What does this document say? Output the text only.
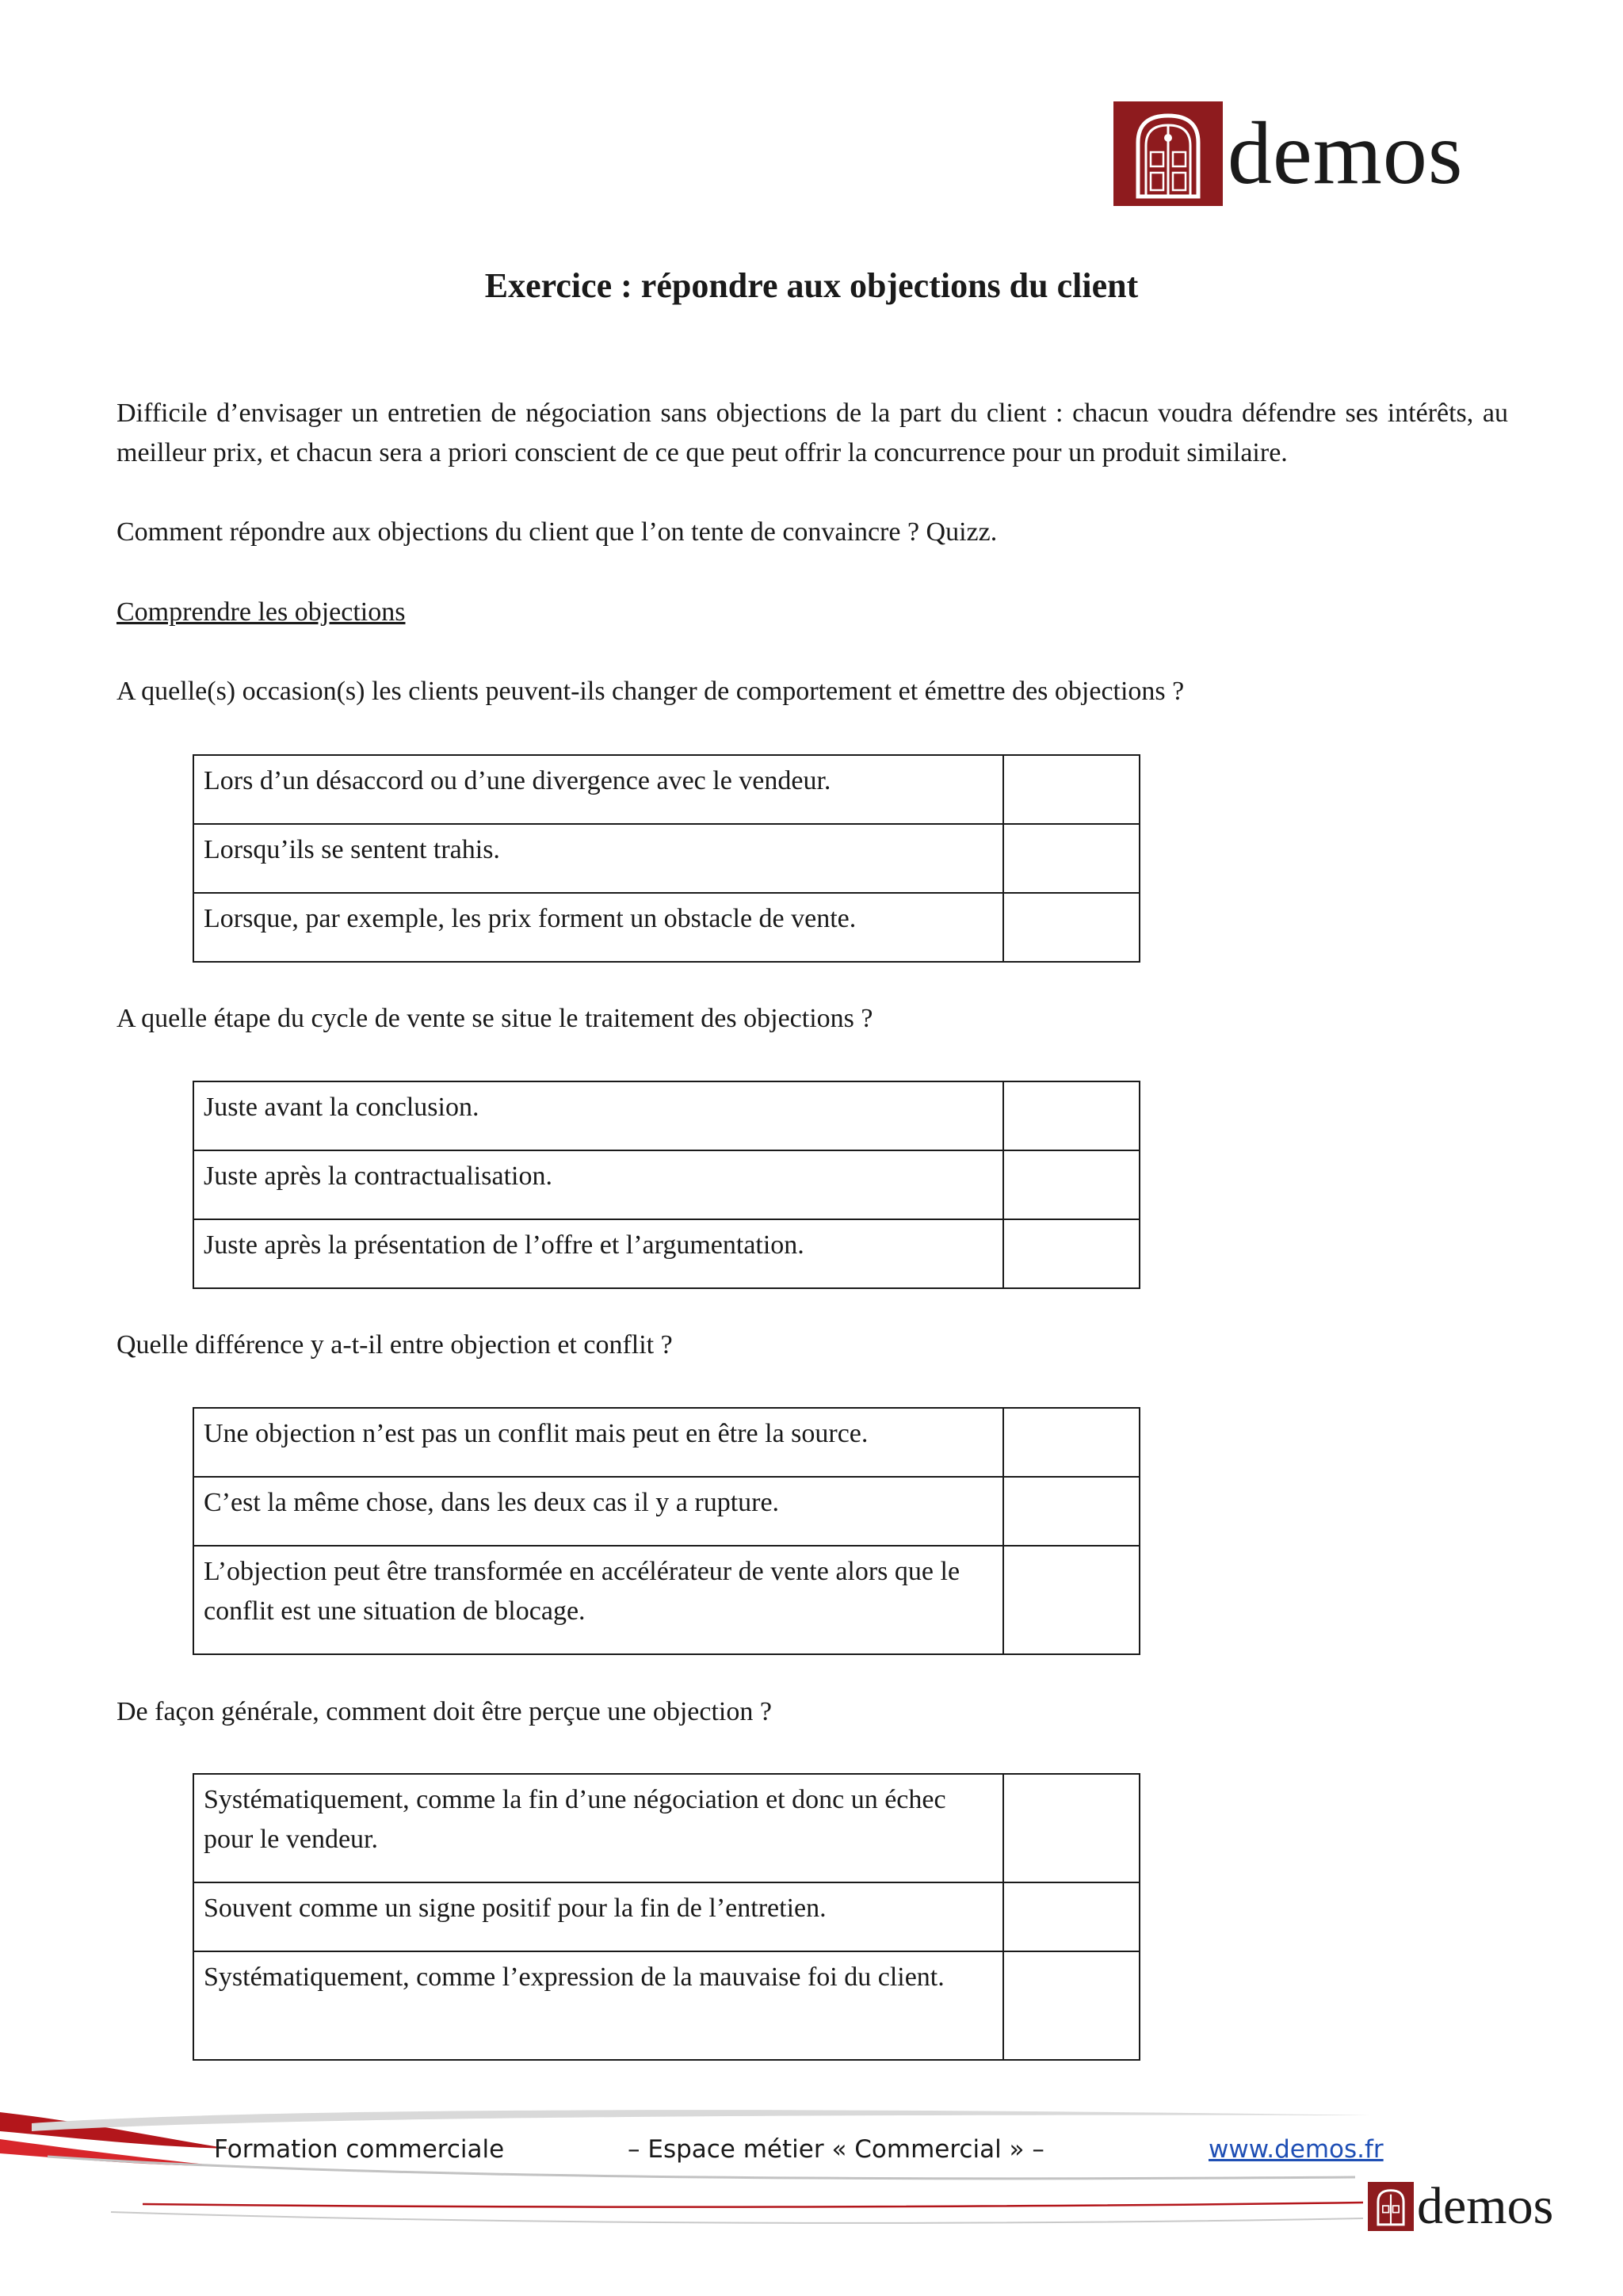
demos
Exercice : répondre aux objections du client

Difficile d’envisager un entretien de négociation sans objections de la part du client : chacun voudra défendre ses intérêts, au meilleur prix, et chacun sera a priori conscient de ce que peut offrir la concurrence pour un produit similaire.

Comment répondre aux objections du client que l’on tente de convaincre ? Quizz.
Comprendre les objections
A quelle(s) occasion(s) les clients peuvent-ils changer de comportement et émettre des objections ?
Lors d’un désaccord ou d’une divergence avec le vendeur.	
Lorsqu’ils se sentent trahis.	
Lorsque, par exemple, les prix forment un obstacle de vente.	
A quelle étape du cycle de vente se situe le traitement des objections ?
Juste avant la conclusion.	
Juste après la contractualisation.	
Juste après la présentation de l’offre et l’argumentation.	
Quelle différence y a-t-il entre objection et conflit ?
Une objection n’est pas un conflit mais peut en être la source.	
C’est la même chose, dans les deux cas il y a rupture.	
L’objection peut être transformée en accélérateur de vente alors que le conflit est une situation de blocage.	
De façon générale, comment doit être perçue une objection ?
Systématiquement, comme la fin d’une négociation et donc un échec pour le vendeur.	
Souvent comme un signe positif pour la fin de l’entretien.	
Systématiquement, comme l’expression de la mauvaise foi du client.	
Formation commerciale	– Espace métier « Commercial » –	www.demos.fr
demos
